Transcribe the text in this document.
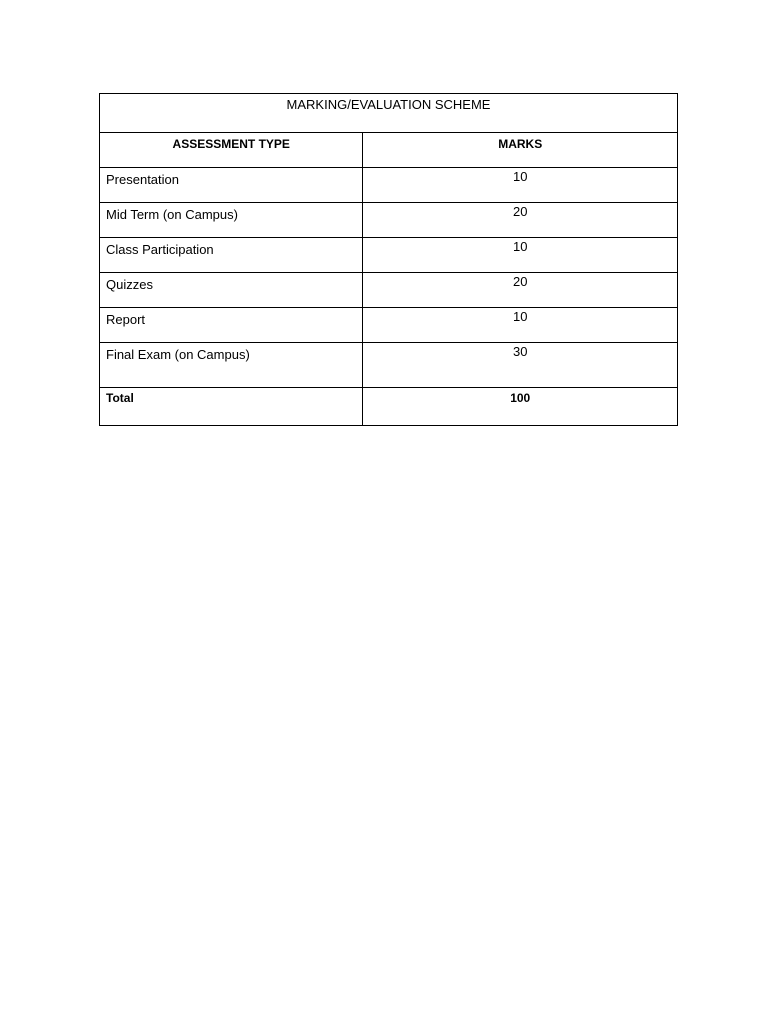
MARKING/EVALUATION SCHEME	
ASSESSMENT TYPE	MARKS
Presentation	10
Mid Term (on Campus)	20
Class Participation	10
Quizzes	20
Report	10
Final Exam (on Campus)	30
Total	100
